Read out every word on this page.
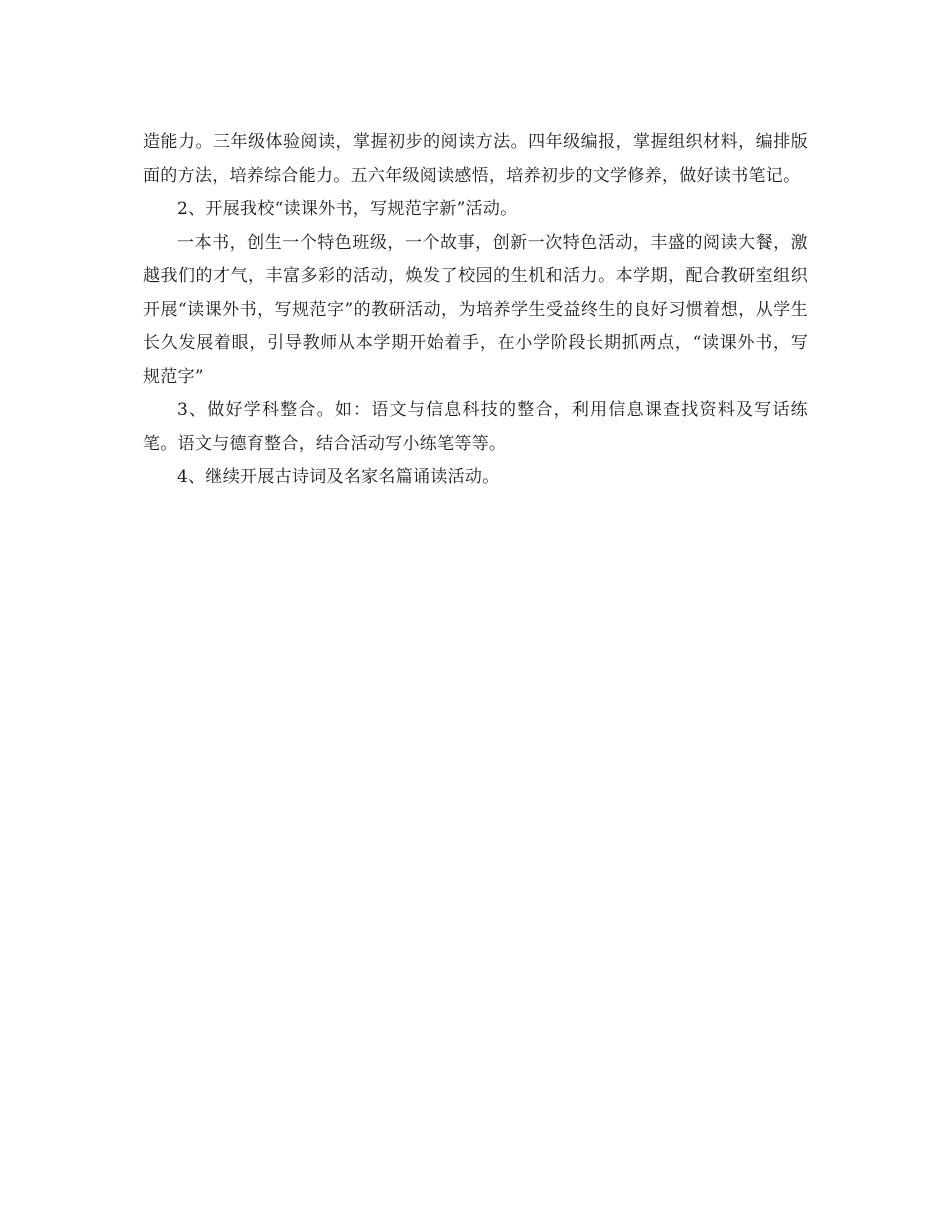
造能力。三年级体验阅读，掌握初步的阅读方法。四年级编报，掌握组织材料，编排版面的方法，培养综合能力。五六年级阅读感悟，培养初步的文学修养，做好读书笔记。

2、开展我校“读课外书，写规范字新”活动。

一本书，创生一个特色班级，一个故事，创新一次特色活动，丰盛的阅读大餐，激越我们的才气，丰富多彩的活动，焕发了校园的生机和活力。本学期，配合教研室组织开展“读课外书，写规范字”的教研活动，为培养学生受益终生的良好习惯着想，从学生长久发展着眼，引导教师从本学期开始着手，在小学阶段长期抓两点，“读课外书，写规范字”

3、做好学科整合。如：语文与信息科技的整合，利用信息课查找资料及写话练笔。语文与德育整合，结合活动写小练笔等等。

4、继续开展古诗词及名家名篇诵读活动。
